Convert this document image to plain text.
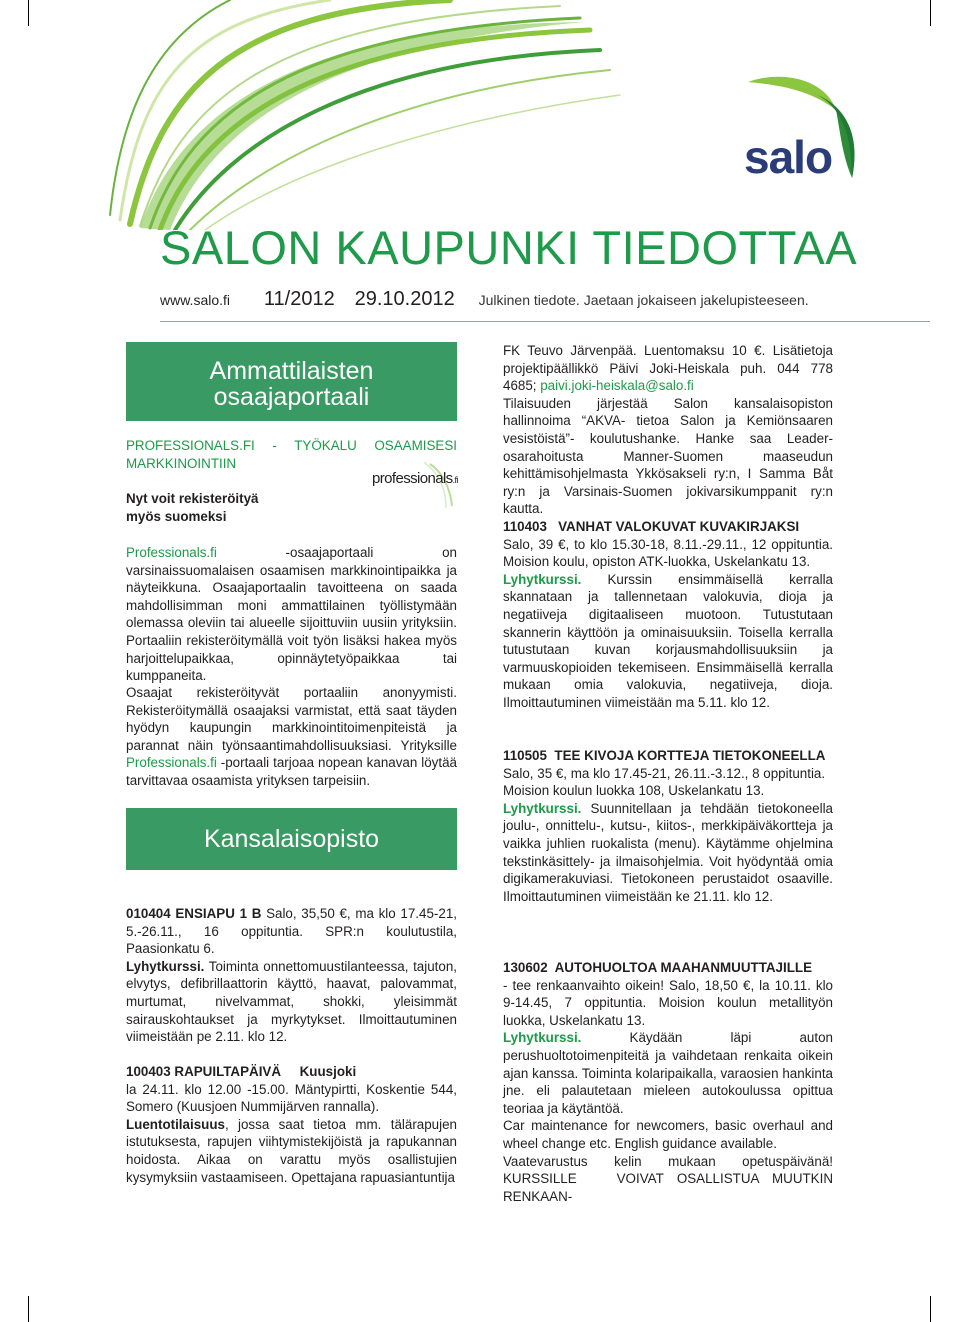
salo
SALON KAUPUNKI TIEDOTTAA
www.salo.fi 11/2012 29.10.2012 Julkinen tiedote. Jaetaan jokaiseen jakelupisteeseen.
Ammattilaisten
osaajaportaali
PROFESSIONALS.FI - TYÖKALU OSAAMISESI
MARKKINOINTIIN
Nyt voit rekisteröityä
myös suomeksi
professionals.fi

Professionals.fi -osaajaportaali on varsinaissuomalaisen osaamisen markkinointipaikka ja näyteikkuna. Osaajaportaalin tavoitteena on saada mahdollisimman moni ammattilainen työllistymään olemassa oleviin tai alueelle sijoittuviin uusiin yrityksiin. Portaaliin rekisteröitymällä voit työn lisäksi hakea myös harjoittelupaikkaa, opinnäytetyöpaikkaa tai kumppaneita.

Osaajat rekisteröityvät portaaliin anonyymisti. Rekisteröitymällä osaajaksi varmistat, että saat täyden hyödyn kaupungin markkinointitoimenpiteistä ja parannat näin työnsaantimahdollisuuksiasi. Yrityksille Professionals.fi -portaali tarjoaa nopean kanavan löytää tarvittavaa osaamista yrityksen tarpeisiin.

Kansalaisopisto

010404 ENSIAPU 1 B Salo, 35,50 €, ma klo 17.45-21, 5.-26.11., 16 oppituntia. SPR:n koulutustila, Paasionkatu 6.

Lyhytkurssi. Toiminta onnettomuustilanteessa, tajuton, elvytys, defibrillaattorin käyttö, haavat, palovammat, murtumat, nivelvammat, shokki, yleisimmät sairauskohtaukset ja myrkytykset. Ilmoittautuminen viimeistään pe 2.11. klo 12.

100403 RAPUILTAPÄIVÄ     Kuusjoki

la 24.11. klo 12.00 -15.00. Mäntypirtti, Koskentie 544, Somero (Kuusjoen Nummijärven rannalla).

Luentotilaisuus, jossa saat tietoa mm. tälärapujen istutuksesta, rapujen viihtymistekijöistä ja rapukannan hoidosta. Aikaa on varattu myös osallistujien kysymyksiin vastaamiseen. Opettajana rapuasiantuntija

FK Teuvo Järvenpää. Luentomaksu 10 €. Lisätietoja projektipäällikkö Päivi Joki-Heiskala puh. 044 778 4685; paivi.joki-heiskala@salo.fi

Tilaisuuden järjestää Salon kansalaisopiston hallinnoima “AKVA- tietoa Salon ja Kemiönsaaren vesistöistä”- koulutushanke. Hanke saa Leader-osarahoitusta Manner-Suomen maaseudun kehittämisohjelmasta Ykkösakseli ry:n, I Samma Båt ry:n ja Varsinais-Suomen jokivarsikumppanit ry:n kautta.

110403   VANHAT VALOKUVAT KUVAKIRJAKSI

Salo, 39 €, to klo 15.30-18, 8.11.-29.11., 12 oppituntia. Moision koulu, opiston ATK-luokka, Uskelankatu 13.

Lyhytkurssi. Kurssin ensimmäisellä kerralla skannataan ja tallennetaan valokuvia, dioja ja negatiiveja digitaaliseen muotoon. Tutustutaan skannerin käyttöön ja ominaisuuksiin. Toisella kerralla tutustutaan kuvan korjausmahdollisuuksiin ja varmuuskopioiden tekemiseen. Ensimmäisellä kerralla mukaan omia valokuvia, negatiiveja, dioja. Ilmoittautuminen viimeistään ma 5.11. klo 12.

110505  TEE KIVOJA KORTTEJA TIETOKONEELLA

Salo, 35 €, ma klo 17.45-21, 26.11.-3.12., 8 oppituntia.

Moision koulun luokka 108, Uskelankatu 13.

Lyhytkurssi. Suunnitellaan ja tehdään tietokoneella joulu-, onnittelu-, kutsu-, kiitos-, merkkipäiväkortteja ja vaikka juhlien ruokalista (menu). Käytämme ohjelmina tekstinkäsittely- ja ilmaisohjelmia. Voit hyödyntää omia digikamerakuviasi. Tietokoneen perustaidot osaaville. Ilmoittautuminen viimeistään ke 21.11. klo 12.

130602  AUTOHUOLTOA MAAHANMUUTTAJILLE

- tee renkaanvaihto oikein! Salo, 18,50 €, la 10.11. klo 9-14.45, 7 oppituntia. Moision koulun metallityön luokka, Uskelankatu 13.

Lyhytkurssi. Käydään läpi auton perushuoltotoimenpiteitä ja vaihdetaan renkaita oikein ajan kanssa. Toiminta kolaripaikalla, varaosien hankinta jne. eli palautetaan mieleen autokoulussa opittua teoriaa ja käytäntöä.

Car maintenance for newcomers, basic overhaul and wheel change etc. English guidance available.

Vaatevarustus kelin mukaan opetuspäivänä! KURSSILLE   VOIVAT OSALLISTUA MUUTKIN RENKAAN-
